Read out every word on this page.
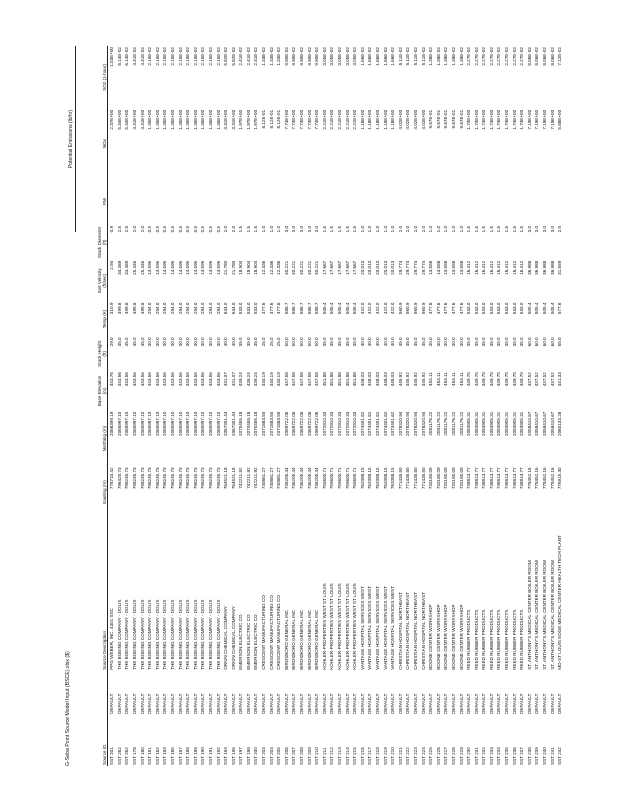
G-Seba Point Source Model Input (BSCE).xlsx ($)
Potential Emissions (lb/hr)
Source ID			Source Description	Easting (m)	Northing (m)	Base Elevation (m)	Stack Height (ft)	Temp (K)	Exit Velocity (ft/sec)	Stack Diameter (ft)	PM	NOx	SO2 (1-hour)
SST 201	DEFAULT		PPG WEBER, INC. 4301 SSC	778710.42	2066399.19	443.76	29.0	310.9	2.94	0.9		2.37E+00	1.03E+00
SST 262	DEFAULT		THE BOEING COMPANY - DOLIS	796420.73	2065997.10	443.56	45.0	499.8	34.489	2.5		5.34E+00	6.14E-02
SST 262	DEFAULT		THE BOEING COMPANY - DOLIS	798245.73	2065997.10	443.56	45.0	499.8	34.489	2.5		5.34E+00	6.14E-02
SST 178	DEFAULT		THE BOEING COMPANY - DOLIS	798245.73	2065997.10	443.56	45.0	499.8	25.445	2.0		4.41E+00	4.41E-02
SST 180	DEFAULT		THE BOEING COMPANY - DOLIS	798245.73	2065997.10	443.56	45.0	499.8	25.445	2.0		4.41E+00	4.41E-02
SST 181	DEFAULT		THE BOEING COMPANY - DOLIS	798245.73	2065997.10	443.56	30.0	294.0	14.595	0.5		1.35E+00	2.15E-02
SST 182	DEFAULT		THE BOEING COMPANY - DOLIS	798245.73	2065997.10	443.56	30.0	294.0	14.595	0.5		1.35E+00	2.15E-02
SST 183	DEFAULT		THE BOEING COMPANY - DOLIS	798245.73	2065997.10	443.56	30.0	294.0	14.595	0.5		1.35E+00	2.15E-02
SST 185	DEFAULT		THE BOEING COMPANY - DOLIS	798245.73	2065997.10	443.56	30.0	294.0	14.595	0.5		1.35E+00	2.15E-02
SST 187	DEFAULT		THE BOEING COMPANY - DOLIS	798245.73	2065997.10	443.56	30.0	294.0	14.595	0.5		1.35E+00	2.15E-02
SST 188	DEFAULT		THE BOEING COMPANY - DOLIS	798245.73	2065997.10	443.56	30.0	294.0	14.595	0.5		1.35E+00	2.15E-02
SST 189	DEFAULT		THE BOEING COMPANY - DOLIS	798245.73	2065997.10	443.56	30.0	294.0	14.595	0.5		1.35E+00	2.15E-02
SST 190	DEFAULT		THE BOEING COMPANY - DOLIS	798245.73	2065997.10	443.56	30.0	294.0	14.595	0.5		1.35E+00	2.15E-02
SST 191	DEFAULT		THE BOEING COMPANY - DOLIS	798245.73	2065997.10	443.56	30.0	294.0	14.595	0.5		1.35E+00	2.15E-02
SST 192	DEFAULT		THE BOEING COMPANY - DOLIS	798245.73	2065997.10	443.56	30.0	294.0	14.595	0.5		1.35E+00	2.15E-02
SST 194	DEFAULT		ORKIN CHEMICAL COMPANY	764521.18	2067301.44	431.07	40.0	644.0	21.780	2.0		3.31E+00	5.82E-02
SST 195	DEFAULT		ORKIN CHEMICAL COMPANY	764521.18	2067301.44	431.07	40.0	644.0	21.780	2.0		3.31E+00	5.82E-02
SST 197	DEFAULT		EMERSON ELECTRIC CO	742211.92	2070455.18	439.24	35.0	533.0	18.904	1.5		1.97E+00	2.41E-02
SST 198	DEFAULT		EMERSON ELECTRIC CO	742211.92	2070455.18	439.24	35.0	533.0	18.904	1.5		1.97E+00	2.41E-02
SST 200	DEFAULT		EMERSON ELECTRIC CO	742211.92	2070455.18	439.24	35.0	533.0	18.904	1.5		1.97E+00	2.41E-02
SST 203	DEFAULT		CRESCENT MANUFACTURING CO	740881.27	2071883.50	440.19	25.0	477.6	12.336	1.0		8.12E-01	1.33E-02
SST 204	DEFAULT		CRESCENT MANUFACTURING CO	740881.27	2071883.50	440.19	25.0	477.6	12.336	1.0		8.12E-01	1.33E-02
SST 205	DEFAULT		CRESCENT MANUFACTURING CO	740881.27	2071883.50	440.19	25.0	477.6	12.336	1.0		8.12E-01	1.33E-02
SST 206	DEFAULT		BIRDSBORO GENERAL INC	736205.44	2069722.06	447.58	50.0	588.7	40.221	3.0		7.74E+00	9.90E-02
SST 207	DEFAULT		BIRDSBORO GENERAL INC	736205.44	2069722.06	447.58	50.0	588.7	40.221	3.0		7.74E+00	9.90E-02
SST 208	DEFAULT		BIRDSBORO GENERAL INC	736205.44	2069722.06	447.58	50.0	588.7	40.221	3.0		7.74E+00	9.90E-02
SST 209	DEFAULT		BIRDSBORO GENERAL INC	736205.44	2069722.06	447.58	50.0	588.7	40.221	3.0		7.74E+00	9.90E-02
SST 210	DEFAULT		BIRDSBORO GENERAL INC	736205.44	2069722.06	447.58	50.0	588.7	40.221	3.0		7.74E+00	9.90E-02
SST 211	DEFAULT		KOHLER-PROPERTIES WEST ST LOUIS	755600.71	2072910.33	451.88	35.0	505.4	17.667	1.5		2.21E+00	3.05E-02
SST 212	DEFAULT		KOHLER-PROPERTIES WEST ST LOUIS	755600.71	2072910.33	451.88	35.0	505.4	17.667	1.5		2.21E+00	3.05E-02
SST 213	DEFAULT		KOHLER-PROPERTIES WEST ST LOUIS	755600.71	2072910.33	451.88	35.0	505.4	17.667	1.5		2.21E+00	3.05E-02
SST 214	DEFAULT		KOHLER-PROPERTIES WEST ST LOUIS	755600.71	2072910.33	451.88	35.0	505.4	17.667	1.5		2.21E+00	3.05E-02
SST 215	DEFAULT		KOHLER-PROPERTIES WEST ST LOUIS	755600.71	2072910.33	451.88	35.0	505.4	17.667	1.5		2.21E+00	3.05E-02
SST 216	DEFAULT		VANTAGE HOSPITAL SERVICES WEST	762088.15	2074401.62	448.03	40.0	422.0	20.013	1.0		1.18E+00	1.66E-02
SST 217	DEFAULT		VANTAGE HOSPITAL SERVICES WEST	762088.15	2074401.62	448.03	40.0	422.0	20.013	1.0		1.18E+00	1.66E-02
SST 218	DEFAULT		VANTAGE HOSPITAL SERVICES WEST	762088.15	2074401.62	448.03	40.0	422.0	20.013	1.0		1.18E+00	1.66E-02
SST 219	DEFAULT		VANTAGE HOSPITAL SERVICES WEST	762088.15	2074401.62	448.03	40.0	422.0	20.013	1.0		1.18E+00	1.66E-02
SST 220	DEFAULT		VANTAGE HOSPITAL SERVICES WEST	762088.15	2074401.62	448.03	40.0	422.0	20.013	1.0		1.18E+00	1.66E-02
SST 221	DEFAULT		CHRISTIAN HOSPITAL NORTHEAST	771435.50	2078320.94	445.92	45.0	560.9	29.774	2.0		4.02E+00	5.11E-02
SST 222	DEFAULT		CHRISTIAN HOSPITAL NORTHEAST	771435.50	2078320.94	445.92	45.0	560.9	29.774	2.0		4.02E+00	5.11E-02
SST 223	DEFAULT		CHRISTIAN HOSPITAL NORTHEAST	771435.50	2078320.94	445.92	45.0	560.9	29.774	2.0		4.02E+00	5.11E-02
SST 224	DEFAULT		CHRISTIAN HOSPITAL NORTHEAST	771435.50	2078320.94	445.92	45.0	560.9	29.774	2.0		4.02E+00	5.11E-02
SST 225	DEFAULT		BOONE CENTER WORKSHOP	733180.09	2081176.22	453.11	30.0	477.6	13.558	1.0		9.67E-01	1.38E-02
SST 226	DEFAULT		BOONE CENTER WORKSHOP	733180.09	2081176.22	453.11	30.0	477.6	13.558	1.0		9.67E-01	1.38E-02
SST 227	DEFAULT		BOONE CENTER WORKSHOP	733180.09	2081176.22	453.11	30.0	477.6	13.558	1.0		9.67E-01	1.38E-02
SST 228	DEFAULT		BOONE CENTER WORKSHOP	733180.09	2081176.22	453.11	30.0	477.6	13.558	1.0		9.67E-01	1.38E-02
SST 229	DEFAULT		BOONE CENTER WORKSHOP	733180.09	2081176.22	453.11	30.0	477.6	13.558	1.0		9.67E-01	1.38E-02
SST 230	DEFAULT		REED RUBBER PRODUCTS	748813.77	2083905.31	449.70	35.0	533.0	16.412	1.5		1.74E+00	2.27E-02
SST 231	DEFAULT		REED RUBBER PRODUCTS	748813.77	2083905.31	449.70	35.0	533.0	16.412	1.5		1.74E+00	2.27E-02
SST 232	DEFAULT		REED RUBBER PRODUCTS	748813.77	2083905.31	449.70	35.0	533.0	16.412	1.5		1.74E+00	2.27E-02
SST 233	DEFAULT		REED RUBBER PRODUCTS	748813.77	2083905.31	449.70	35.0	533.0	16.412	1.5		1.74E+00	2.27E-02
SST 234	DEFAULT		REED RUBBER PRODUCTS	748813.77	2083905.31	449.70	35.0	533.0	16.412	1.5		1.74E+00	2.27E-02
SST 235	DEFAULT		REED RUBBER PRODUCTS	748813.77	2083905.31	449.70	35.0	533.0	16.412	1.5		1.74E+00	2.27E-02
SST 236	DEFAULT		REED RUBBER PRODUCTS	748813.77	2083905.31	449.70	35.0	533.0	16.412	1.5		1.74E+00	2.27E-02
SST 237	DEFAULT		REED RUBBER PRODUCTS	748813.77	2083905.31	449.70	35.0	533.0	16.412	1.5		1.74E+00	2.27E-02
SST 238	DEFAULT		ST. ANTHONY'S MEDICAL CENTER BOILER ROOM	778452.16	2058410.67	437.52	60.0	505.4	36.988	3.0		7.19E+00	8.06E-02
SST 239	DEFAULT		ST. ANTHONY'S MEDICAL CENTER BOILER ROOM	778452.16	2058410.67	437.52	60.0	505.4	36.988	3.0		7.19E+00	8.06E-02
SST 240	DEFAULT		ST. ANTHONY'S MEDICAL CENTER BOILER ROOM	778452.16	2058410.67	437.52	60.0	505.4	36.988	3.0		7.19E+00	8.06E-02
SST 241	DEFAULT		ST. ANTHONY'S MEDICAL CENTER BOILER ROOM	778452.16	2058410.67	437.52	60.0	505.4	36.988	3.0		7.19E+00	8.06E-02
SST 242	DEFAULT		MO-ST LOUIS EDGE MEDICAL CENTER HEALTH TECH PLANT	776915.40	2060133.28	441.33	55.0	577.6	31.559	2.5		5.88E+00	7.12E-02
